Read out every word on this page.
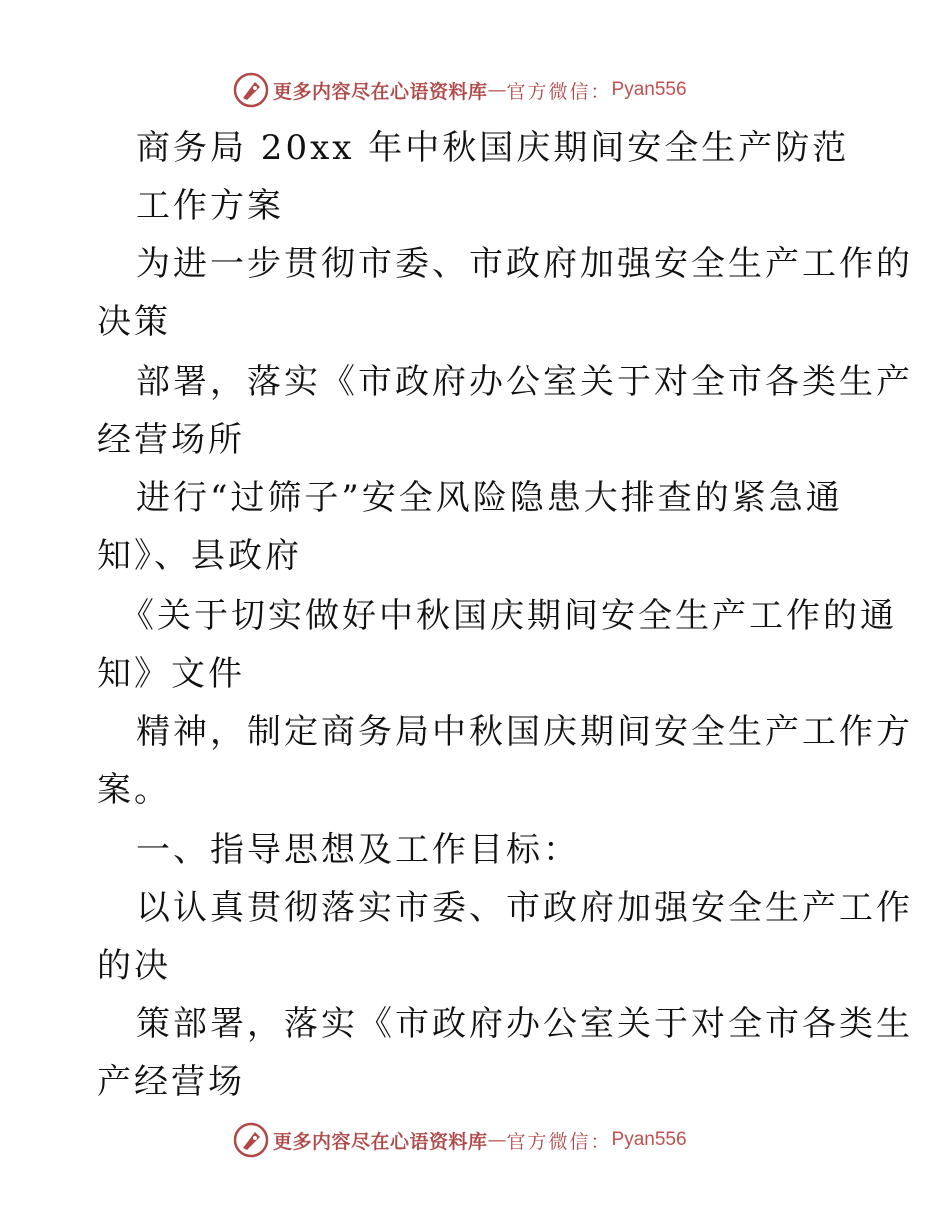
更多内容尽在心语资料库 — 官方微信： Pyan556
商务局 20xx 年中秋国庆期间安全生产防范
工作方案
为进一步贯彻市委、市政府加强安全生产工作的
决策
部署，落实《市政府办公室关于对全市各类生产
经营场所
进行“过筛子”安全风险隐患大排查的紧急通
知》、县政府
《关于切实做好中秋国庆期间安全生产工作的通
知》文件
精神，制定商务局中秋国庆期间安全生产工作方
案。
一、指导思想及工作目标：
以认真贯彻落实市委、市政府加强安全生产工作
的决
策部署，落实《市政府办公室关于对全市各类生
产经营场
更多内容尽在心语资料库 — 官方微信： Pyan556
